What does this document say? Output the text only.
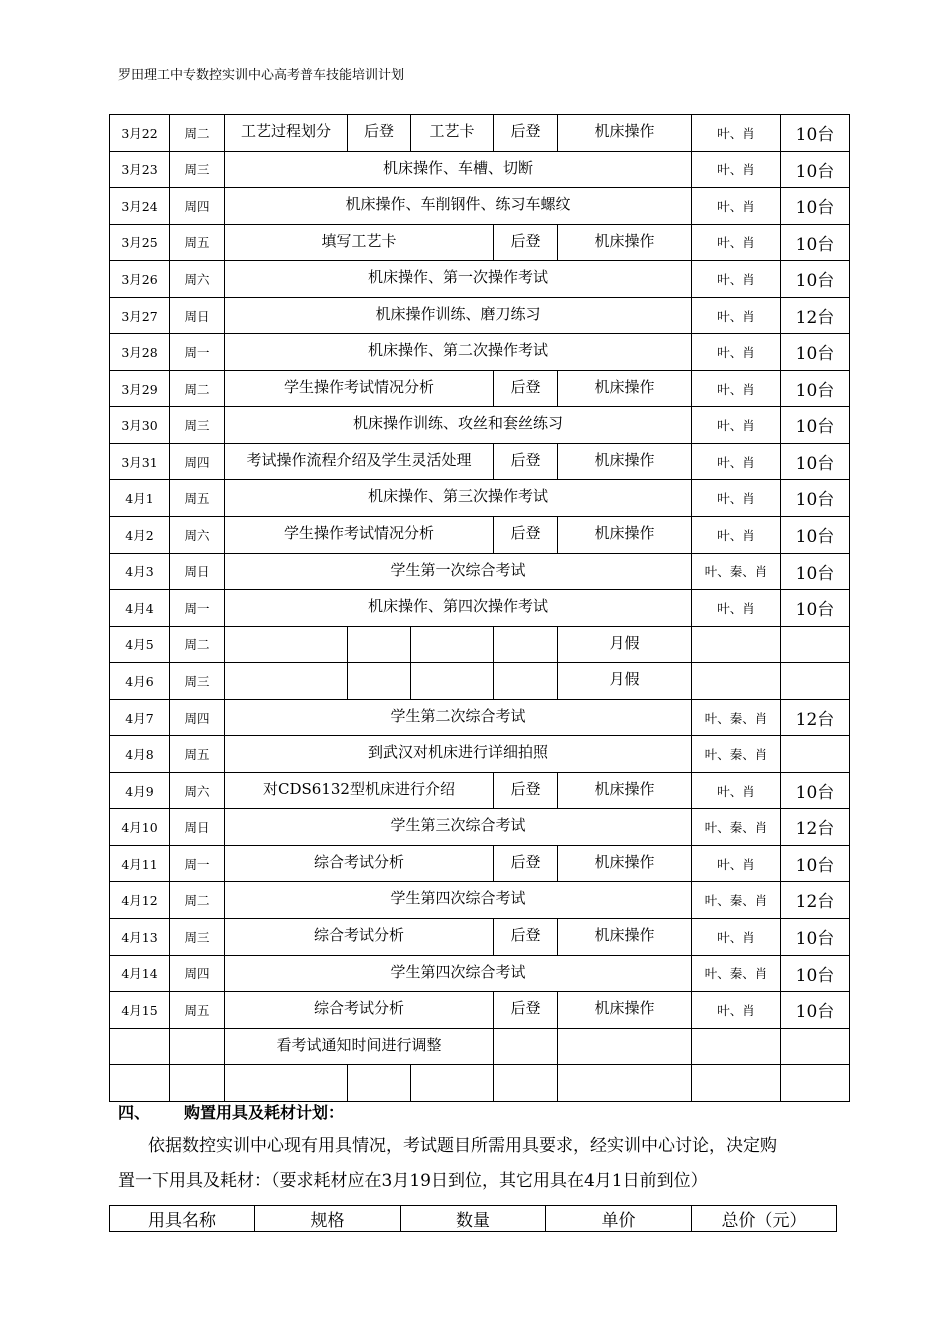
罗田理工中专数控实训中心高考普车技能培训计划
3月22	周二	工艺过程划分	后登	工艺卡	后登	机床操作	叶、肖	10台
3月23	周三	机床操作、车槽、切断					叶、肖	10台
3月24	周四	机床操作、车削钢件、练习车螺纹					叶、肖	10台
3月25	周五	填写工艺卡			后登	机床操作	叶、肖	10台
3月26	周六	机床操作、第一次操作考试					叶、肖	10台
3月27	周日	机床操作训练、磨刀练习					叶、肖	12台
3月28	周一	机床操作、第二次操作考试					叶、肖	10台
3月29	周二	学生操作考试情况分析			后登	机床操作	叶、肖	10台
3月30	周三	机床操作训练、攻丝和套丝练习					叶、肖	10台
3月31	周四	考试操作流程介绍及学生灵活处理			后登	机床操作	叶、肖	10台
4月1	周五	机床操作、第三次操作考试					叶、肖	10台
4月2	周六	学生操作考试情况分析			后登	机床操作	叶、肖	10台
4月3	周日	学生第一次综合考试					叶、秦、肖	10台
4月4	周一	机床操作、第四次操作考试					叶、肖	10台
4月5	周二					月假		
4月6	周三					月假		
4月7	周四	学生第二次综合考试					叶、秦、肖	12台
4月8	周五	到武汉对机床进行详细拍照					叶、秦、肖	
4月9	周六	对CDS6132型机床进行介绍			后登	机床操作	叶、肖	10台
4月10	周日	学生第三次综合考试					叶、秦、肖	12台
4月11	周一	综合考试分析			后登	机床操作	叶、肖	10台
4月12	周二	学生第四次综合考试					叶、秦、肖	12台
4月13	周三	综合考试分析			后登	机床操作	叶、肖	10台
4月14	周四	学生第四次综合考试					叶、秦、肖	10台
4月15	周五	综合考试分析			后登	机床操作	叶、肖	10台
		看考试通知时间进行调整						

四、 购置用具及耗材计划：
依据数控实训中心现有用具情况，考试题目所需用具要求，经实训中心讨论，决定购
置一下用具及耗材：（要求耗材应在3月19日到位，其它用具在4月1日前到位）
用具名称	规格	数量	单价	总价（元）
